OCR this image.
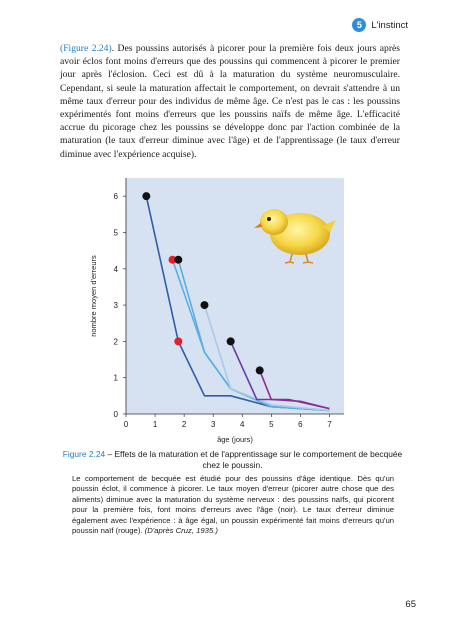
5	L'instinct
(Figure 2.24). Des poussins autorisés à picorer pour la première fois deux jours après avoir éclos font moins d'erreurs que des poussins qui commencent à picorer le premier jour après l'éclosion. Ceci est dû à la maturation du système neuromusculaire. Cependant, si seule la maturation affectait le comportement, on devrait s'attendre à un même taux d'erreur pour des individus de même âge. Ce n'est pas le cas : les poussins expérimentés font moins d'erreurs que les poussins naïfs de même âge. L'efficacité accrue du picorage chez les poussins se développe donc par l'action combinée de la maturation (le taux d'erreur diminue avec l'âge) et de l'apprentissage (le taux d'erreur diminue avec l'expérience acquise).
0
1
2
3
4
5
6
0	1	2	3	4	5	6	7
âge (jours)
nombre moyen d'erreurs
Figure 2.24 – Effets de la maturation et de l'apprentissage sur le comportement de becquée chez le poussin.
Le comportement de becquée est étudié pour des poussins d'âge identique. Dès qu'un poussin éclot, il commence à picorer. Le taux moyen d'erreur (picorer autre chose que des aliments) diminue avec la maturation du système nerveux : des poussins naïfs, qui picorent pour la première fois, font moins d'erreurs avec l'âge (noir). Le taux d'erreur diminue également avec l'expérience : à âge égal, un poussin expérimenté fait moins d'erreurs qu'un poussin naïf (rouge). (D'après Cruz, 1935.)
65
